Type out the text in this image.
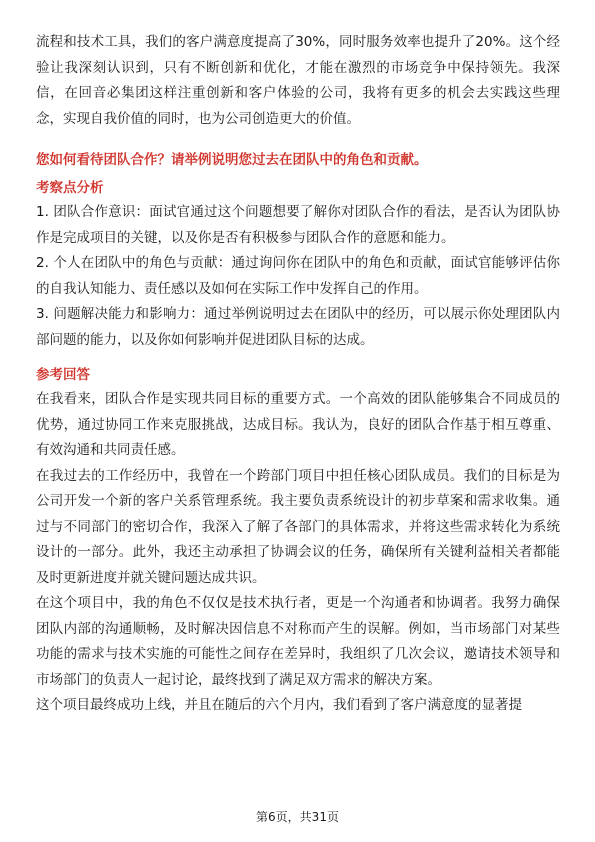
流程和技术工具，我们的客户满意度提高了30%，同时服务效率也提升了20%。这个经验让我深刻认识到，只有不断创新和优化，才能在激烈的市场竞争中保持领先。我深信，在回音必集团这样注重创新和客户体验的公司，我将有更多的机会去实践这些理念，实现自我价值的同时，也为公司创造更大的价值。

您如何看待团队合作？请举例说明您过去在团队中的角色和贡献。

考察点分析

1. 团队合作意识：面试官通过这个问题想要了解你对团队合作的看法，是否认为团队协作是完成项目的关键，以及你是否有积极参与团队合作的意愿和能力。

2. 个人在团队中的角色与贡献：通过询问你在团队中的角色和贡献，面试官能够评估你的自我认知能力、责任感以及如何在实际工作中发挥自己的作用。

3. 问题解决能力和影响力：通过举例说明过去在团队中的经历，可以展示你处理团队内部问题的能力，以及你如何影响并促进团队目标的达成。

参考回答

在我看来，团队合作是实现共同目标的重要方式。一个高效的团队能够集合不同成员的优势，通过协同工作来克服挑战，达成目标。我认为，良好的团队合作基于相互尊重、有效沟通和共同责任感。

在我过去的工作经历中，我曾在一个跨部门项目中担任核心团队成员。我们的目标是为公司开发一个新的客户关系管理系统。我主要负责系统设计的初步草案和需求收集。通过与不同部门的密切合作，我深入了解了各部门的具体需求，并将这些需求转化为系统设计的一部分。此外，我还主动承担了协调会议的任务，确保所有关键利益相关者都能及时更新进度并就关键问题达成共识。

在这个项目中，我的角色不仅仅是技术执行者，更是一个沟通者和协调者。我努力确保团队内部的沟通顺畅，及时解决因信息不对称而产生的误解。例如，当市场部门对某些功能的需求与技术实施的可能性之间存在差异时，我组织了几次会议，邀请技术领导和市场部门的负责人一起讨论，最终找到了满足双方需求的解决方案。

这个项目最终成功上线，并且在随后的六个月内，我们看到了客户满意度的显著提

第6页，共31页
